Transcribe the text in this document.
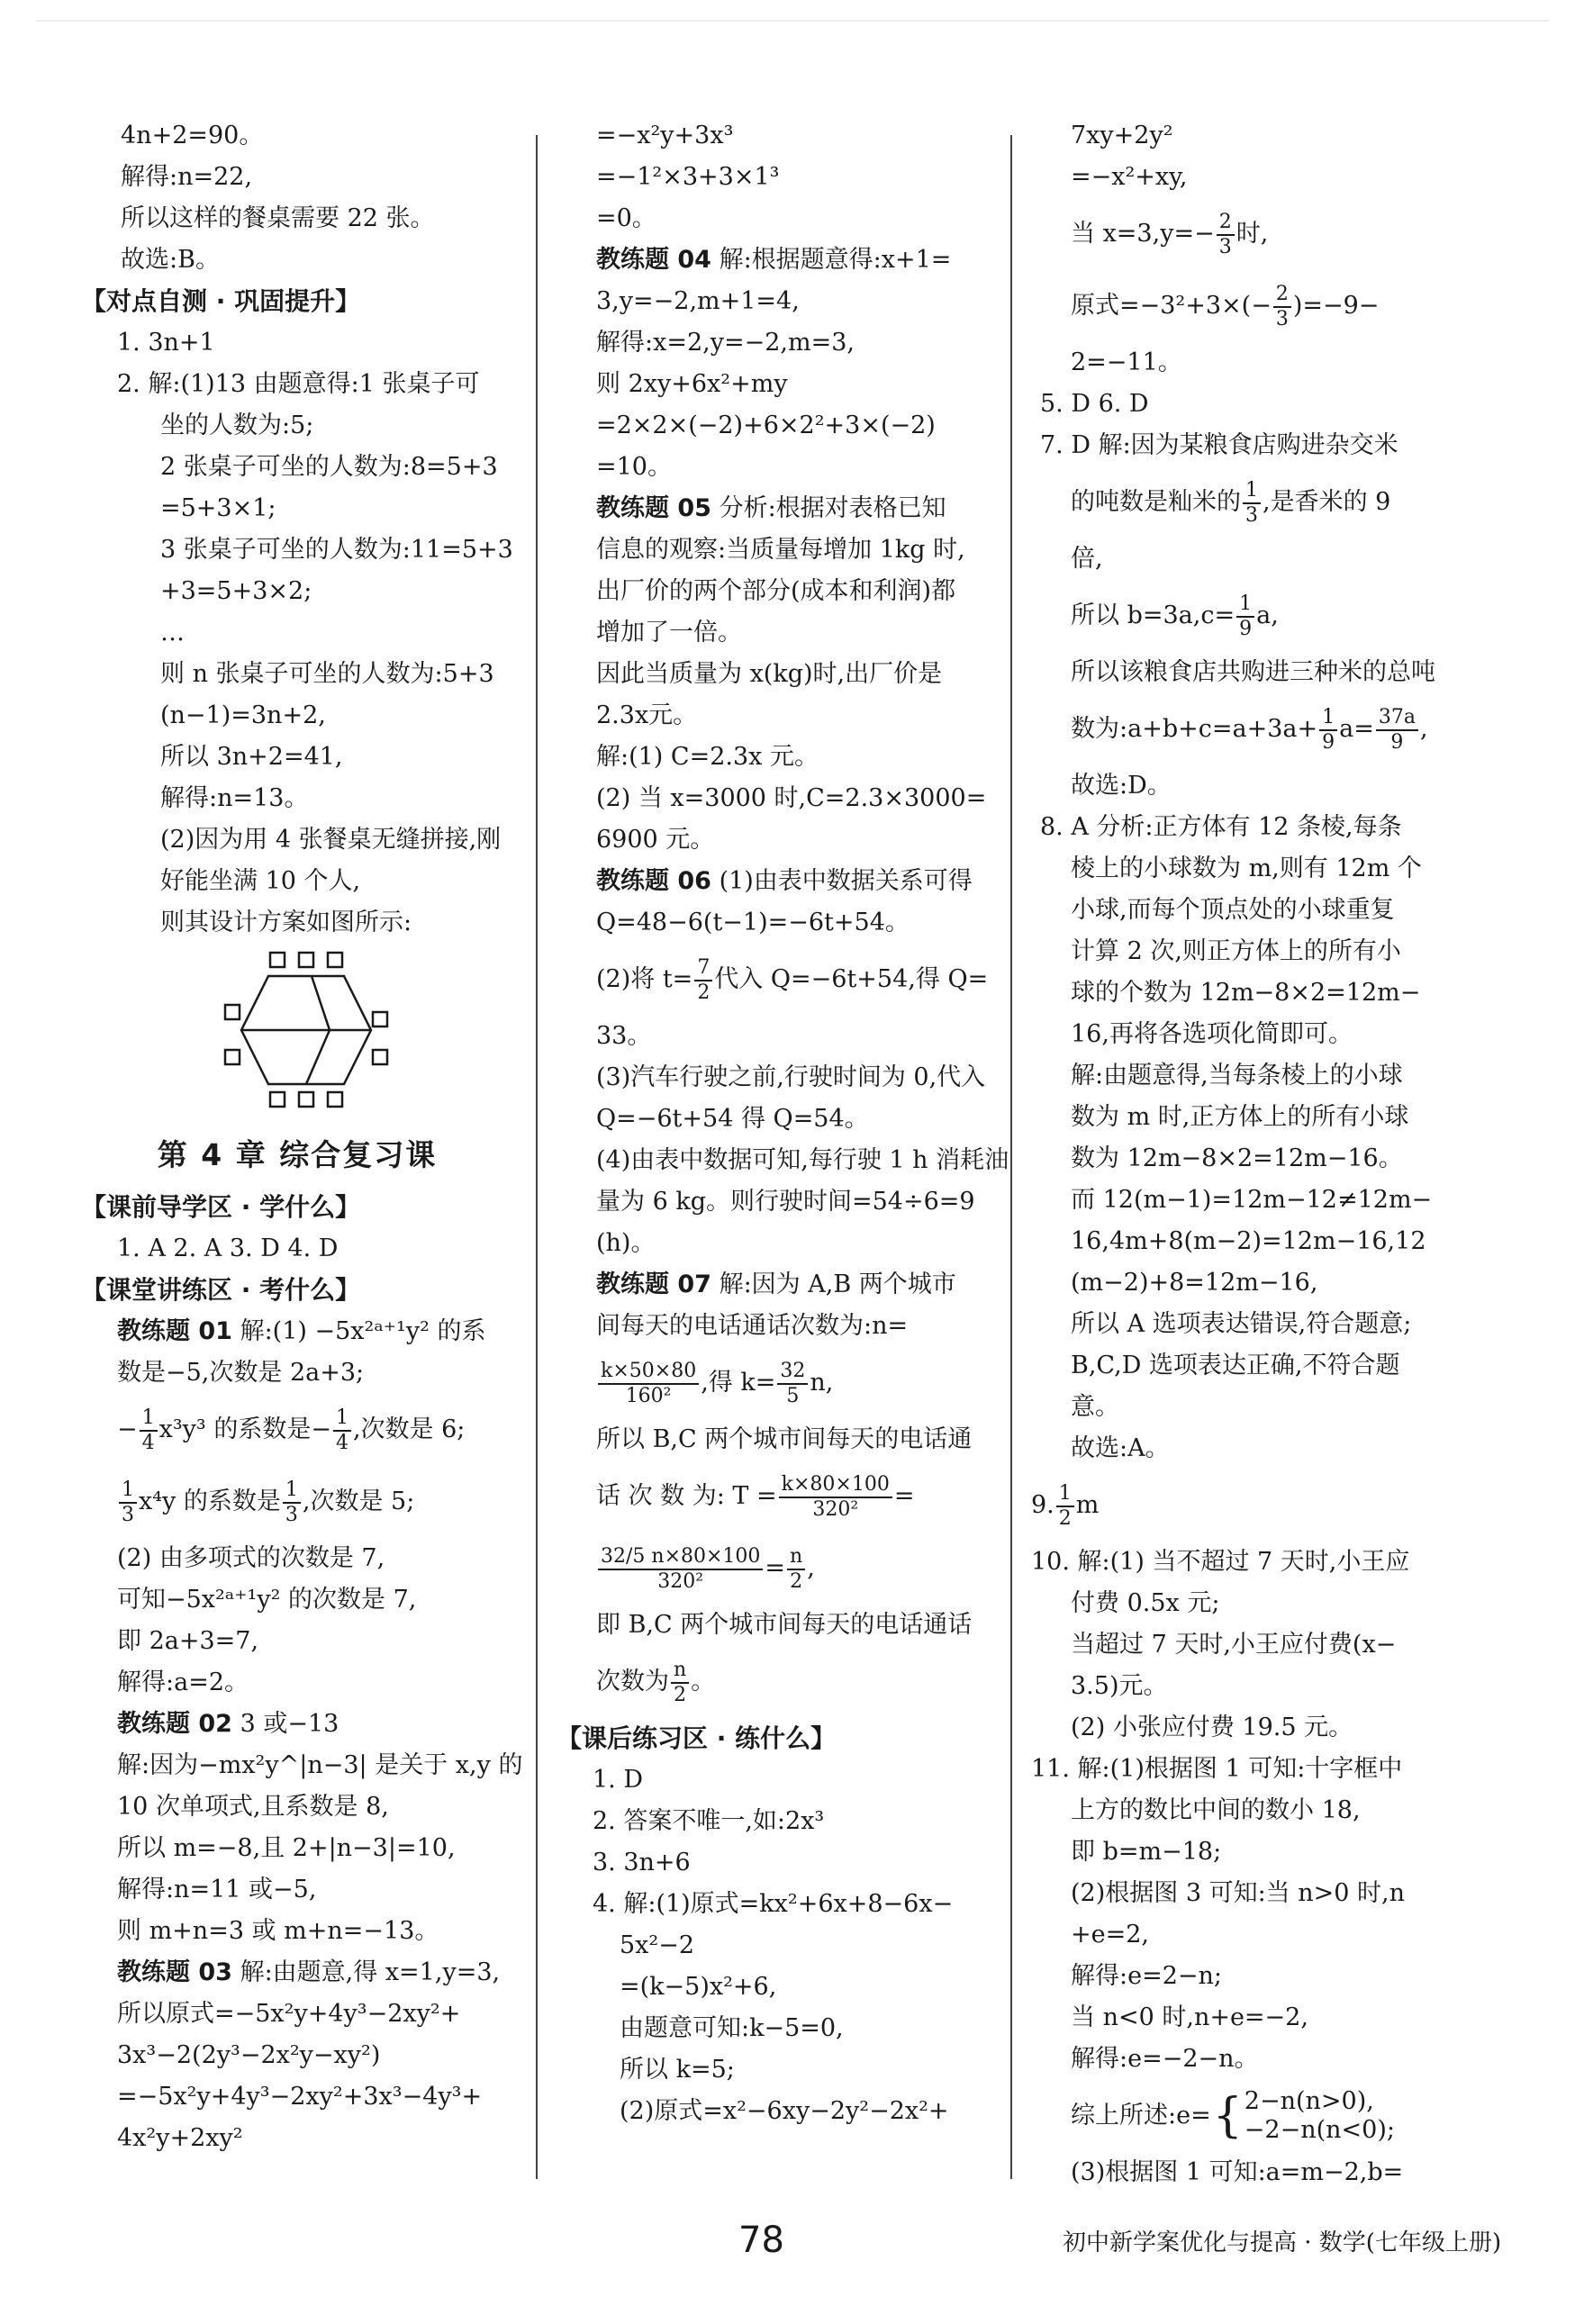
4n+2=90。
解得:n=22,
所以这样的餐桌需要 22 张。
故选:B。
【对点自测 · 巩固提升】
1. 3n+1
2. 解:(1)13 由题意得:1 张桌子可
坐的人数为:5;
2 张桌子可坐的人数为:8=5+3
=5+3×1;
3 张桌子可坐的人数为:11=5+3
+3=5+3×2;
…
则 n 张桌子可坐的人数为:5+3
(n−1)=3n+2,
所以 3n+2=41,
解得:n=13。
(2)因为用 4 张餐桌无缝拼接,刚
好能坐满 10 个人,
则其设计方案如图所示:
第 4 章 综合复习课
【课前导学区 · 学什么】
1. A 2. A 3. D 4. D
【课堂讲练区 · 考什么】
教练题 01 解:(1) −5x²ᵃ⁺¹y² 的系
数是−5,次数是 2a+3;
− $\frac{1}{4} x^3y^3$ 的系数是− $\frac{1}{4}$ ,次数是 6;
$\frac{1}{3} x^4y$ 的系数是 $\frac{1}{3}$ ,次数是 5;
(2) 由多项式的次数是 7,
可知−5x²ᵃ⁺¹y² 的次数是 7,
即 2a+3=7,
解得:a=2。
教练题 02 3 或−13
解:因为−mx²y^|n−3| 是关于 x,y 的
10 次单项式,且系数是 8,
所以 m=−8,且 2+|n−3|=10,
解得:n=11 或−5,
则 m+n=3 或 m+n=−13。
教练题 03 解:由题意,得 x=1,y=3,
所以原式=−5x²y+4y³−2xy²+
3x³−2(2y³−2x²y−xy²)
=−5x²y+4y³−2xy²+3x³−4y³+
4x²y+2xy²
=−x²y+3x³
=−1²×3+3×1³
=0。
教练题 04 解:根据题意得:x+1=
3,y=−2,m+1=4,
解得:x=2,y=−2,m=3,
则 2xy+6x²+my
=2×2×(−2)+6×2²+3×(−2)
=10。
教练题 05 分析:根据对表格已知
信息的观察:当质量每增加 1kg 时,
出厂价的两个部分(成本和利润)都
增加了一倍。
因此当质量为 x(kg)时,出厂价是
2.3x元。
解:(1) C=2.3x 元。
(2) 当 x=3000 时,C=2.3×3000=
6900 元。
教练题 06 (1)由表中数据关系可得
Q=48−6(t−1)=−6t+54。
(2)将 $t= \frac{7}{2}$ 代入 Q=−6t+54,得 Q=
33。
(3)汽车行驶之前,行驶时间为 0,代入
Q=−6t+54 得 Q=54。
(4)由表中数据可知,每行驶 1 h 消耗油
量为 6 kg。则行驶时间=54÷6=9
(h)。
教练题 07 解:因为 A,B 两个城市
间每天的电话通话次数为:n=
$\frac{k\times 50\times 80}{\text{160²}}$ ,得 $k= \frac{32}{5} n$,
所以 B,C 两个城市间每天的电话通
话 次 数 为: $T = \frac{k\times 80\times 100}{\text{320²}}$ =
$\frac{32/5 n\times 80\times 100}{\text{320²}} = \frac{n}{2}$ ,
即 B,C 两个城市间每天的电话通话
次数为 $\frac{n}{2}$ 。
【课后练习区 · 练什么】
1. D
2. 答案不唯一,如:2x³
3. 3n+6
4. 解:(1)原式=kx²+6x+8−6x−
5x²−2
=(k−5)x²+6,
由题意可知:k−5=0,
所以 k=5;
(2)原式=x²−6xy−2y²−2x²+
7xy+2y²
=−x²+xy,
当 $x=3,y=- \frac{2}{3}$ 时,
原式$=-3^2+3\times(- \frac{2}{3} )=-9-$
2=−11。
5. D 6. D
7. D 解:因为某粮食店购进杂交米
的吨数是籼米的 $\frac{1}{3}$ ,是香米的 9
倍,
所以 $b=3a,c= \frac{1}{9} a$,
所以该粮食店共购进三种米的总吨
数为:a+b+c=a+3a+ $\frac{1}{9} a= \frac{37a}{9}$ ,
故选:D。
8. A 分析:正方体有 12 条棱,每条
棱上的小球数为 m,则有 12m 个
小球,而每个顶点处的小球重复
计算 2 次,则正方体上的所有小
球的个数为 12m−8×2=12m−
16,再将各选项化简即可。
解:由题意得,当每条棱上的小球
数为 m 时,正方体上的所有小球
数为 12m−8×2=12m−16。
而 12(m−1)=12m−12≠12m−
16,4m+8(m−2)=12m−16,12
(m−2)+8=12m−16,
所以 A 选项表达错误,符合题意;
B,C,D 选项表达正确,不符合题
意。
故选:A。
9. $\frac{1}{2}$ m
10. 解:(1) 当不超过 7 天时,小王应
付费 0.5x 元;
当超过 7 天时,小王应付费(x−
3.5)元。
(2) 小张应付费 19.5 元。
11. 解:(1)根据图 1 可知:十字框中
上方的数比中间的数小 18,
即 b=m−18;
(2)根据图 3 可知:当 n>0 时,n
+e=2,
解得:e=2−n;
当 n<0 时,n+e=−2,
解得:e=−2−n。
综上所述:e= { 2−n(n>0),
−2−n(n<0);
(3)根据图 1 可知:a=m−2,b=
78	初中新学案优化与提高 · 数学(七年级上册)
